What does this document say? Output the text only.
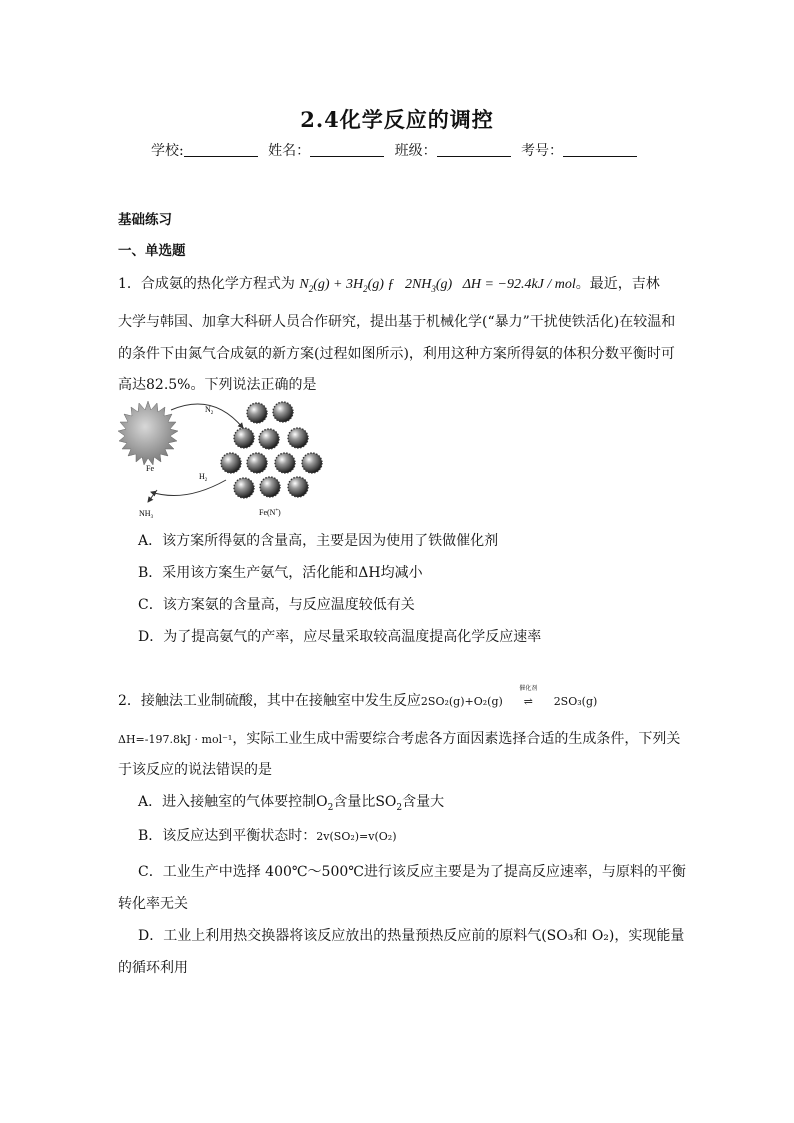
2.4化学反应的调控
学校:	姓名：	班级：	考号：
基础练习
一、单选题
1．合成氨的热化学方程式为 $N_2(g) + 3H_2(g)$ ƒ $2NH_3(g) \Delta H = -92.4kJ$ / mol。最近，吉林
大学与韩国、加拿大科研人员合作研究，提出基于机械化学(“暴力”干扰使铁活化)在较温和
的条件下由氮气合成氨的新方案(过程如图所示)，利用这种方案所得氨的体积分数平衡时可
高达82.5%。下列说法正确的是
Fe
$N_2$
$H_2$
$NH_3$
Fe(N*)
A．该方案所得氨的含量高，主要是因为使用了铁做催化剂
B．采用该方案生产氨气，活化能和ΔH均减小
C．该方案氨的含量高，与反应温度较低有关
D．为了提高氨气的产率，应尽量采取较高温度提高化学反应速率
2．接触法工业制硫酸，其中在接触室中发生反应2SO₂(g)+O₂(g)
催化剂
⇌ 2SO₃(g)
ΔH=-197.8kJ · mol⁻¹，实际工业生成中需要综合考虑各方面因素选择合适的生成条件，下列关
于该反应的说法错误的是
A．进入接触室的气体要控制$O_2$含量比$SO_2$含量大
B．该反应达到平衡状态时：2v(SO₂)=v(O₂)
C．工业生产中选择 400℃～500℃进行该反应主要是为了提高反应速率，与原料的平衡
转化率无关
D．工业上利用热交换器将该反应放出的热量预热反应前的原料气(SO₃和 O₂)，实现能量
的循环利用
